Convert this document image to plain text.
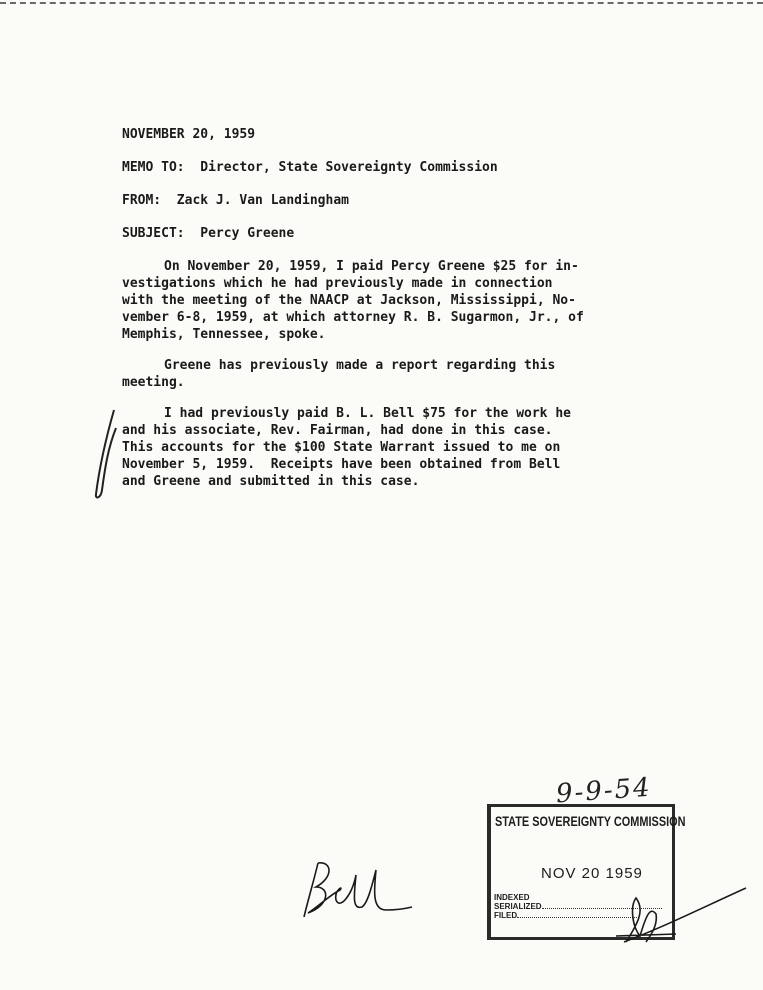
NOVEMBER 20, 1959

MEMO TO:  Director, State Sovereignty Commission

FROM:  Zack J. Van Landingham

SUBJECT:  Percy Greene

On November 20, 1959, I paid Percy Greene $25 for in-
vestigations which he had previously made in connection
with the meeting of the NAACP at Jackson, Mississippi, No-
vember 6-8, 1959, at which attorney R. B. Sugarmon, Jr., of
Memphis, Tennessee, spoke.
Greene has previously made a report regarding this
meeting.
I had previously paid B. L. Bell $75 for the work he
and his associate, Rev. Fairman, had done in this case.
This accounts for the $100 State Warrant issued to me on
November 5, 1959.  Receipts have been obtained from Bell
and Greene and submitted in this case.
9-9-54
STATE SOVEREIGNTY COMMISSION
NOV 20 1959
INDEXED
SERIALIZED
FILED
